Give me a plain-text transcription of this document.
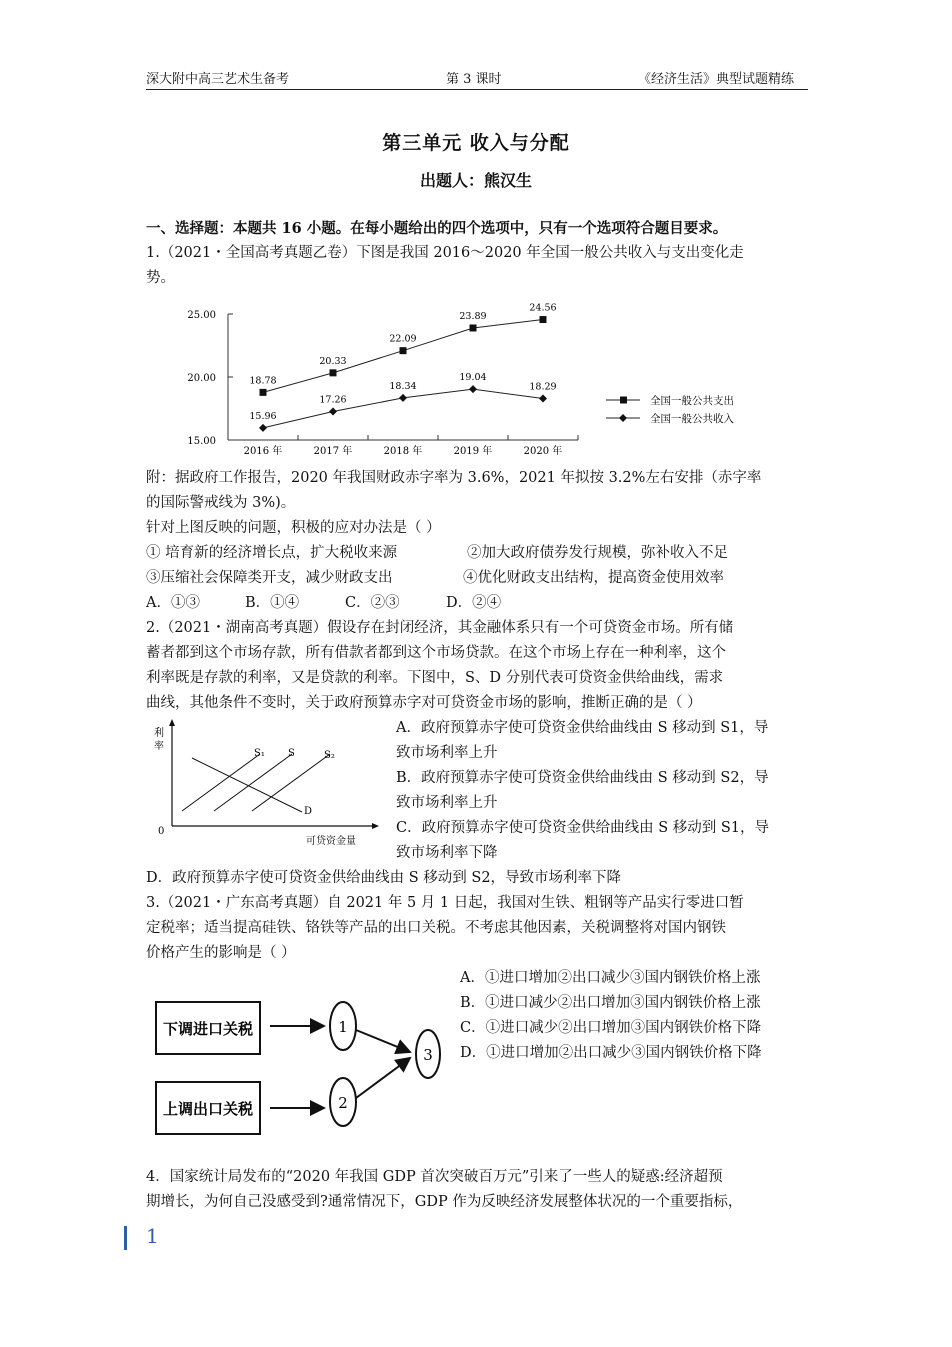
深大附中高三艺术生备考	第 3 课时	《经济生活》典型试题精练
第三单元 收入与分配
出题人：熊汉生
一、选择题：本题共 16 小题。在每小题给出的四个选项中，只有一个选项符合题目要求。
1.（2021・全国高考真题乙卷）下图是我国 2016～2020 年全国一般公共收入与支出变化走
势。
25.00
20.00
15.00
2016 年	2017 年	2018 年	2019 年	2020 年
18.78
20.33
22.09
23.89
24.56
15.96
17.26
18.34
19.04
18.29
全国一般公共支出
全国一般公共收入
附：据政府工作报告，2020 年我国财政赤字率为 3.6%，2021 年拟按 3.2%左右安排（赤字率
的国际警戒线为 3%)。
针对上图反映的问题，积极的应对办法是（ ）
① 培育新的经济增长点，扩大税收来源	②加大政府债券发行规模，弥补收入不足
③压缩社会保障类开支，减少财政支出	④优化财政支出结构，提高资金使用效率
A．①③	B．①④	C．②③	D．②④
2.（2021・湖南高考真题）假设存在封闭经济，其金融体系只有一个可贷资金市场。所有储
蓄者都到这个市场存款，所有借款者都到这个市场贷款。在这个市场上存在一种利率，这个
利率既是存款的利率，又是贷款的利率。下图中，S、D 分别代表可贷资金供给曲线，需求
曲线，其他条件不变时，关于政府预算赤字对可贷资金市场的影响，推断正确的是（ ）
利
率
0
可贷资金量
S₁ S	S₂
D
A．政府预算赤字使可贷资金供给曲线由 S 移动到 S1，导
致市场利率上升
B．政府预算赤字使可贷资金供给曲线由 S 移动到 S2，导
致市场利率上升
C．政府预算赤字使可贷资金供给曲线由 S 移动到 S1，导
致市场利率下降
D．政府预算赤字使可贷资金供给曲线由 S 移动到 S2，导致市场利率下降
3.（2021・广东高考真题）自 2021 年 5 月 1 日起，我国对生铁、粗钢等产品实行零进口暂
定税率；适当提高硅铁、铬铁等产品的出口关税。不考虑其他因素，关税调整将对国内钢铁
价格产生的影响是（ ）
下调进口关税
上调出口关税
1
2
3
A．①进口增加②出口减少③国内钢铁价格上涨
B．①进口减少②出口增加③国内钢铁价格上涨
C．①进口减少②出口增加③国内钢铁价格下降
D．①进口增加②出口减少③国内钢铁价格下降
4．国家统计局发布的“2020 年我国 GDP 首次突破百万元”引来了一些人的疑惑:经济超预
期增长，为何自己没感受到?通常情况下，GDP 作为反映经济发展整体状况的一个重要指标，
1
